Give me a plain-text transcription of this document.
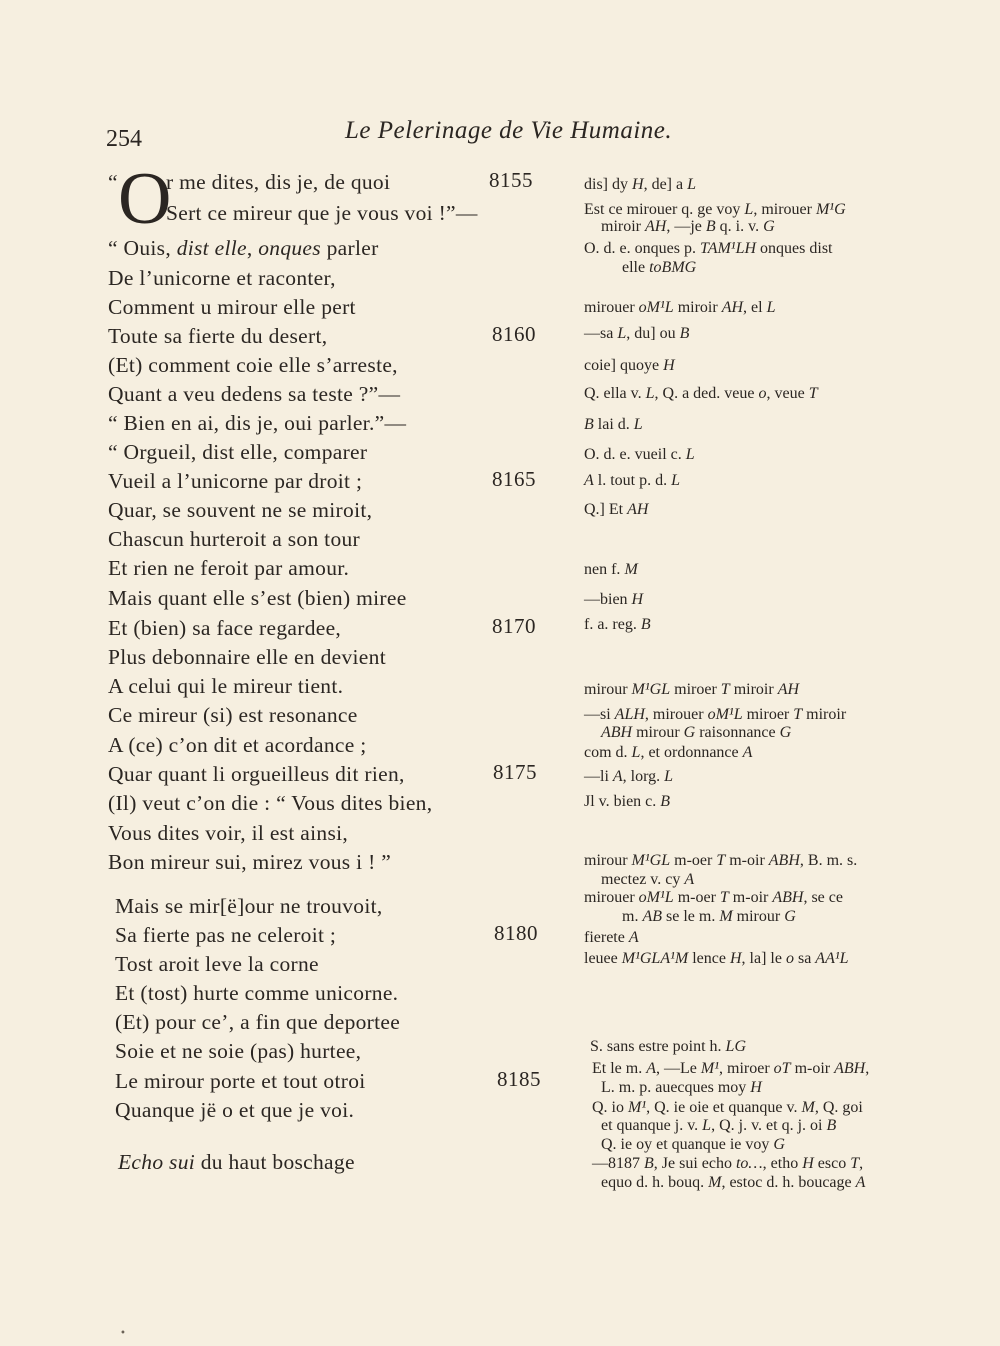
254	Le Pelerinage de Vie Humaine.
“ O
r me dites, dis je, de quoi	8155
Sert ce mireur que je vous voi !”—
“ Ouis, dist elle, onques parler
De l’unicorne et raconter,
Comment u mirour elle pert
Toute sa fierte du desert,	8160
(Et) comment coie elle s’arreste,
Quant a veu dedens sa teste ?”—
“ Bien en ai, dis je, oui parler.”—
“ Orgueil, dist elle, comparer
Vueil a l’unicorne par droit ;	8165
Quar, se souvent ne se miroit,
Chascun hurteroit a son tour
Et rien ne feroit par amour.
Mais quant elle s’est (bien) miree
Et (bien) sa face regardee,	8170
Plus debonnaire elle en devient
A celui qui le mireur tient.
Ce mireur (si) est resonance
A (ce) c’on dit et acordance ;
Quar quant li orgueilleus dit rien,	8175
(Il) veut c’on die : “ Vous dites bien,
Vous dites voir, il est ainsi,
Bon mireur sui, mirez vous i ! ”
Mais se mir[ë]our ne trouvoit,
Sa fierte pas ne celeroit ;	8180
Tost aroit leve la corne
Et (tost) hurte comme unicorne.
(Et) pour ce’, a fin que deportee
Soie et ne soie (pas) hurtee,
Le mirour porte et tout otroi	8185
Quanque jë o et que je voi.
Echo sui du haut boschage
dis] dy H, de] a L
Est ce mirouer q. ge voy L, mirouer M¹G
miroir AH, —je B q. i. v. G
O. d. e. onques p. TAM¹LH onques dist
elle toBMG
mirouer oM¹L miroir AH, el L
—sa L, du] ou B
coie] quoye H
Q. ella v. L, Q. a ded. veue o, veue T
B lai d. L
O. d. e. vueil c. L
A l. tout p. d. L
Q.] Et AH
nen f. M
—bien H
f. a. reg. B
mirour M¹GL miroer T miroir AH
—si ALH, mirouer oM¹L miroer T miroir
ABH mirour G raisonnance G
com d. L, et ordonnance A
—li A, lorg. L
Jl v. bien c. B
mirour M¹GL m-oer T m-oir ABH, B. m. s.
mectez v. cy A
mirouer oM¹L m-oer T m-oir ABH, se ce
m. AB se le m. M mirour G
fierete A
leuee M¹GLA¹M lence H, la] le o sa AA¹L
S. sans estre point h. LG
Et le m. A, —Le M¹, miroer oT m-oir ABH,
L. m. p. auecques moy H
Q. io M¹, Q. ie oie et quanque v. M, Q. goi
et quanque j. v. L, Q. j. v. et q. j. oi B
Q. ie oy et quanque ie voy G
—8187 B, Je sui echo to…, etho H esco T,
equo d. h. bouq. M, estoc d. h. boucage A
•
